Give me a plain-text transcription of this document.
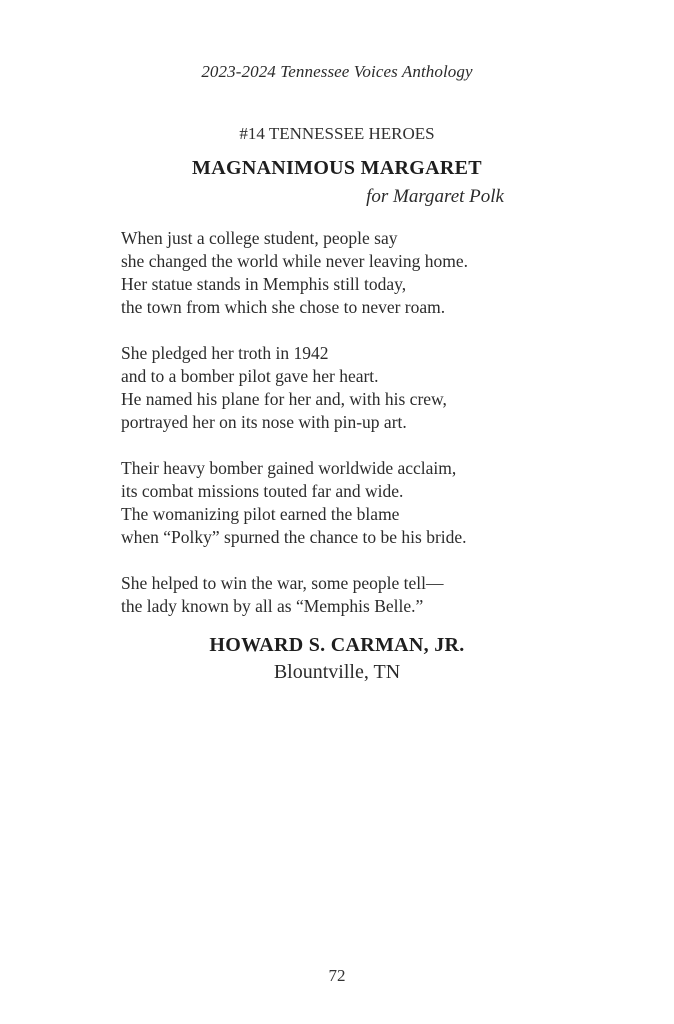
2023-2024 Tennessee Voices Anthology
#14 TENNESSEE HEROES
MAGNANIMOUS MARGARET
for Margaret Polk
When just a college student, people say
she changed the world while never leaving home.
Her statue stands in Memphis still today,
the town from which she chose to never roam.
She pledged her troth in 1942
and to a bomber pilot gave her heart.
He named his plane for her and, with his crew,
portrayed her on its nose with pin-up art.
Their heavy bomber gained worldwide acclaim,
its combat missions touted far and wide.
The womanizing pilot earned the blame
when “Polky” spurned the chance to be his bride.
She helped to win the war, some people tell—
the lady known by all as “Memphis Belle.”
HOWARD S. CARMAN, JR.
Blountville, TN
72
